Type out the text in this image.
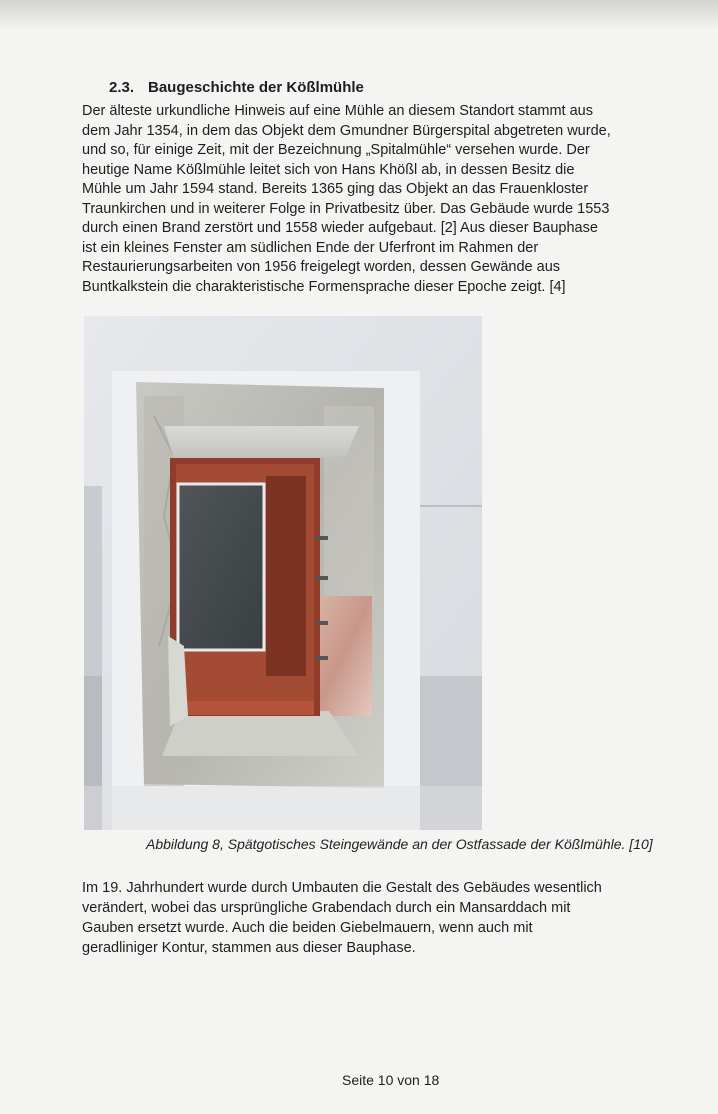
2.3. Baugeschichte der Kößlmühle

Der älteste urkundliche Hinweis auf eine Mühle an diesem Standort stammt aus
dem Jahr 1354, in dem das Objekt dem Gmundner Bürgerspital abgetreten wurde,
und so, für einige Zeit, mit der Bezeichnung „Spitalmühle“ versehen wurde. Der
heutige Name Kößlmühle leitet sich von Hans Khößl ab, in dessen Besitz die
Mühle um Jahr 1594 stand. Bereits 1365 ging das Objekt an das Frauenkloster
Traunkirchen und in weiterer Folge in Privatbesitz über. Das Gebäude wurde 1553
durch einen Brand zerstört und 1558 wieder aufgebaut. [2] Aus dieser Bauphase
ist ein kleines Fenster am südlichen Ende der Uferfront im Rahmen der
Restaurierungsarbeiten von 1956 freigelegt worden, dessen Gewände aus
Buntkalkstein die charakteristische Formensprache dieser Epoche zeigt. [4]

Abbildung 8, Spätgotisches Steingewände an der Ostfassade der Kößlmühle. [10]

Im 19. Jahrhundert wurde durch Umbauten die Gestalt des Gebäudes wesentlich
verändert, wobei das ursprüngliche Grabendach durch ein Mansarddach mit
Gauben ersetzt wurde. Auch die beiden Giebelmauern, wenn auch mit
geradliniger Kontur, stammen aus dieser Bauphase.

Seite 10 von 18
